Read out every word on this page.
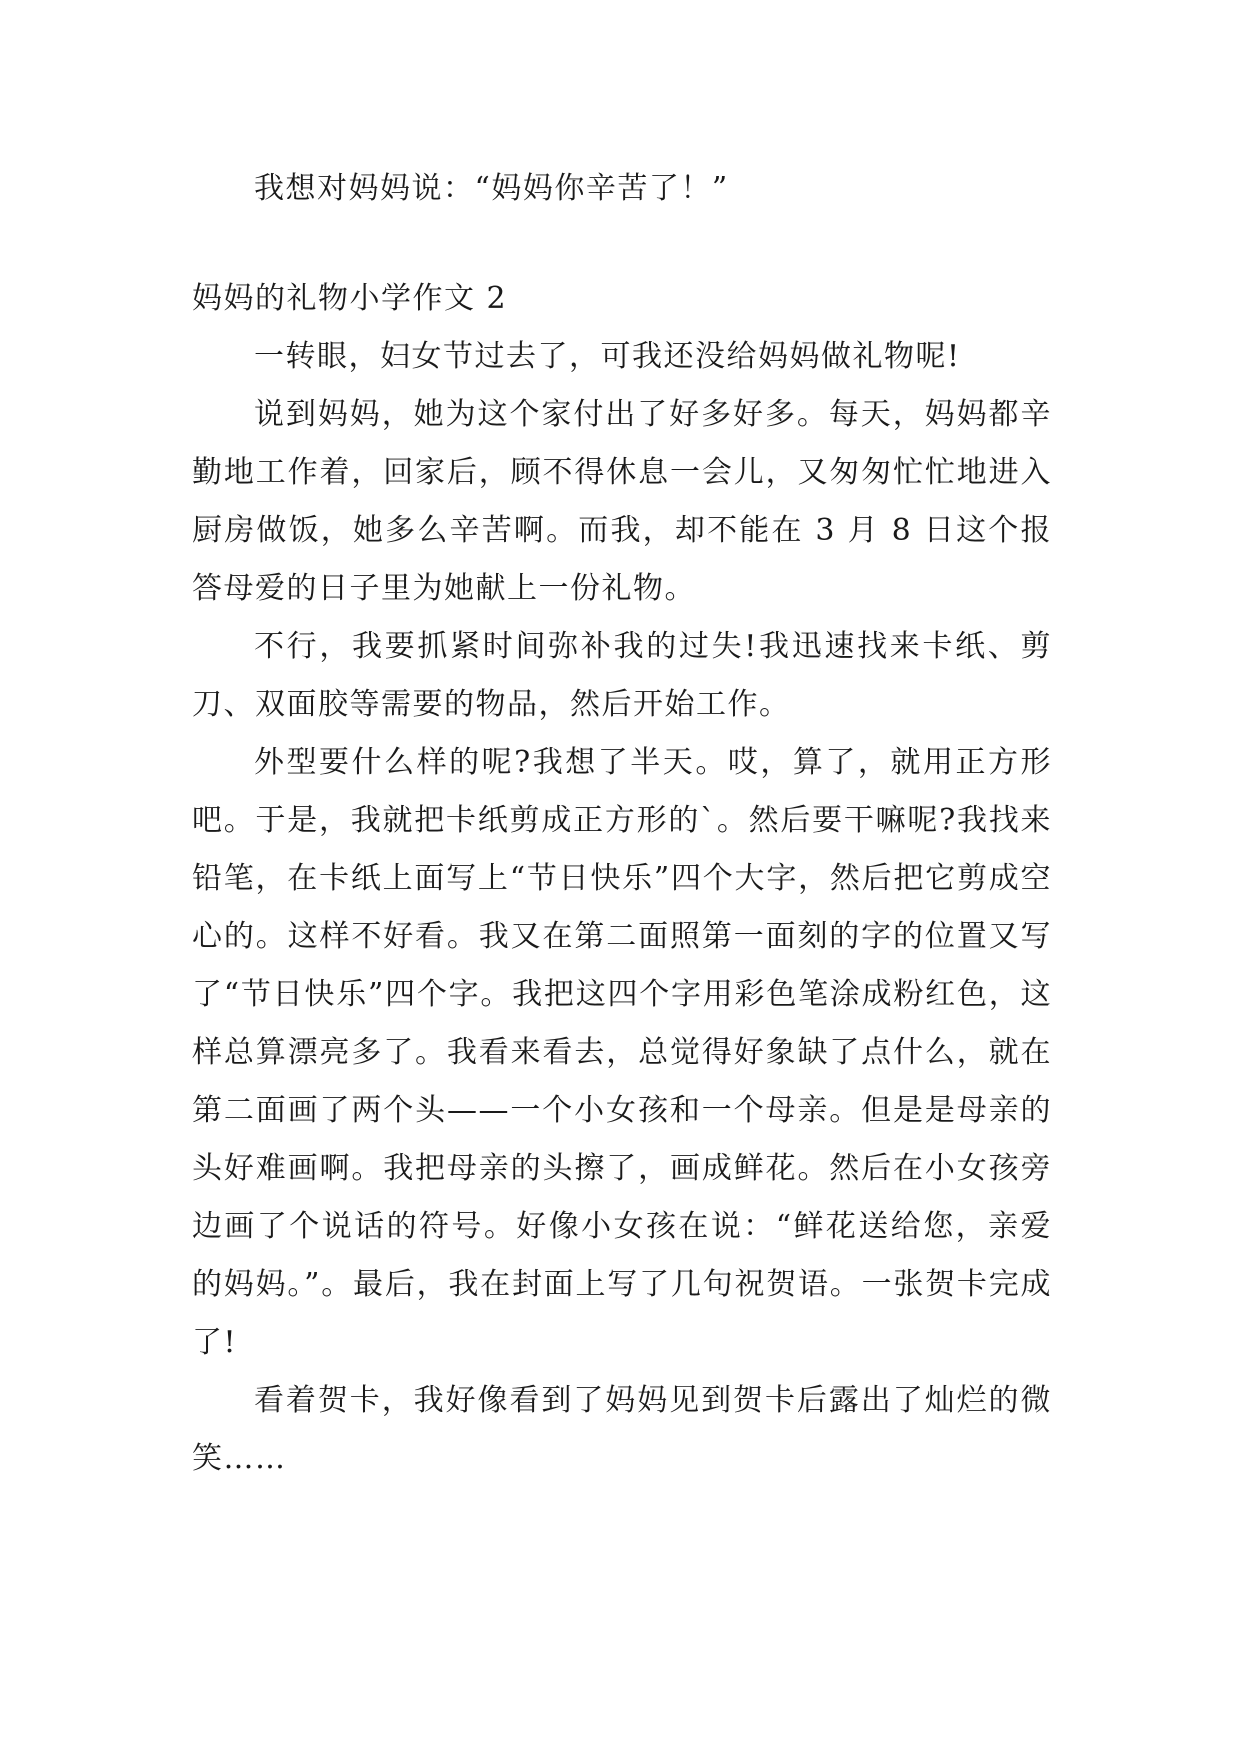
我想对妈妈说：“妈妈你辛苦了！”

妈妈的礼物小学作文 2

一转眼，妇女节过去了，可我还没给妈妈做礼物呢!

说到妈妈，她为这个家付出了好多好多。每天，妈妈都辛勤地工作着，回家后，顾不得休息一会儿，又匆匆忙忙地进入厨房做饭，她多么辛苦啊。而我，却不能在 3 月 8 日这个报答母爱的日子里为她献上一份礼物。

不行，我要抓紧时间弥补我的过失!我迅速找来卡纸、剪刀、双面胶等需要的物品，然后开始工作。

外型要什么样的呢?我想了半天。哎，算了，就用正方形吧。于是，我就把卡纸剪成正方形的`。然后要干嘛呢?我找来铅笔，在卡纸上面写上“节日快乐”四个大字，然后把它剪成空心的。这样不好看。我又在第二面照第一面刻的字的位置又写了“节日快乐”四个字。我把这四个字用彩色笔涂成粉红色，这样总算漂亮多了。我看来看去，总觉得好象缺了点什么，就在第二面画了两个头——一个小女孩和一个母亲。但是是母亲的头好难画啊。我把母亲的头擦了，画成鲜花。然后在小女孩旁边画了个说话的符号。好像小女孩在说：“鲜花送给您，亲爱的妈妈。”。最后，我在封面上写了几句祝贺语。一张贺卡完成了!

看着贺卡，我好像看到了妈妈见到贺卡后露出了灿烂的微笑……
